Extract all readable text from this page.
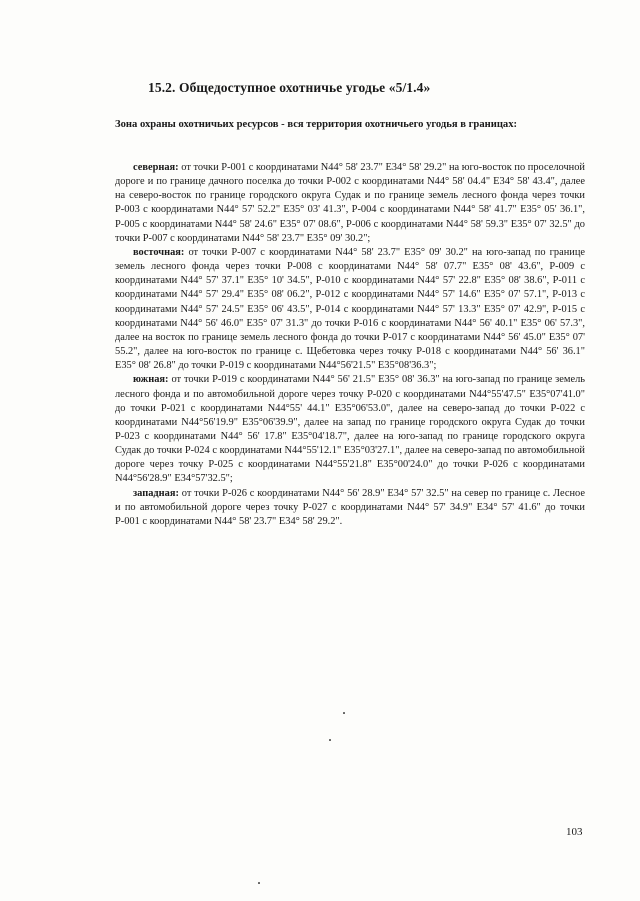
15.2. Общедоступное охотничье угодье «5/1.4»
Зона охраны охотничьих ресурсов - вся территория охотничьего угодья в границах:

северная: от точки Р-001 с координатами N44° 58' 23.7" E34° 58' 29.2" на юго-восток по проселочной дороге и по границе дачного поселка до точки Р-002 с координатами N44° 58' 04.4" E34° 58' 43.4", далее на северо-восток по границе городского округа Судак и по границе земель лесного фонда через точки Р-003 с координатами N44° 57' 52.2" E35° 03' 41.3", Р-004 с координатами N44° 58' 41.7" E35° 05' 36.1", Р-005 с координатами N44° 58' 24.6" E35° 07' 08.6", Р-006 с координатами N44° 58' 59.3" E35° 07' 32.5" до точки Р-007 с координатами N44° 58' 23.7" E35° 09' 30.2";

восточная: от точки Р-007 с координатами N44° 58' 23.7" E35° 09' 30.2" на юго-запад по границе земель лесного фонда через точки Р-008 с координатами N44° 58' 07.7" E35° 08' 43.6", Р-009 с координатами N44° 57' 37.1" E35° 10' 34.5", Р-010 с координатами N44° 57' 22.8" E35° 08' 38.6", Р-011 с координатами N44° 57' 29.4" E35° 08' 06.2", Р-012 с координатами N44° 57' 14.6" E35° 07' 57.1", Р-013 с координатами N44° 57' 24.5" E35° 06' 43.5", Р-014 с координатами N44° 57' 13.3" E35° 07' 42.9", Р-015 с координатами N44° 56' 46.0" E35° 07' 31.3" до точки Р-016 с координатами N44° 56' 40.1" E35° 06' 57.3", далее на восток по границе земель лесного фонда до точки Р-017 с координатами N44° 56' 45.0" E35° 07' 55.2", далее на юго-восток по границе с. Щебетовка через точку Р-018 с координатами N44° 56' 36.1" E35° 08' 26.8" до точки Р-019 с координатами N44°56'21.5" E35°08'36.3";

южная: от точки Р-019 с координатами N44° 56' 21.5" E35° 08' 36.3" на юго-запад по границе земель лесного фонда и по автомобильной дороге через точку Р-020 с координатами N44°55'47.5" E35°07'41.0" до точки Р-021 с координатами N44°55' 44.1" E35°06'53.0", далее на северо-запад до точки Р-022 с координатами N44°56'19.9" E35°06'39.9", далее на запад по границе городского округа Судак до точки Р-023 с координатами N44° 56' 17.8" E35°04'18.7", далее на юго-запад по границе городского округа Судак до точки Р-024 с координатами N44°55'12.1" E35°03'27.1", далее на северо-запад по автомобильной дороге через точку Р-025 с координатами N44°55'21.8" E35°00'24.0" до точки Р-026 с координатами N44°56'28.9" E34°57'32.5";

западная: от точки Р-026 с координатами N44° 56' 28.9" E34° 57' 32.5" на север по границе с. Лесное и по автомобильной дороге через точку Р-027 с координатами N44° 57' 34.9" E34° 57' 41.6" до точки Р-001 с координатами N44° 58' 23.7" E34° 58' 29.2".

103
